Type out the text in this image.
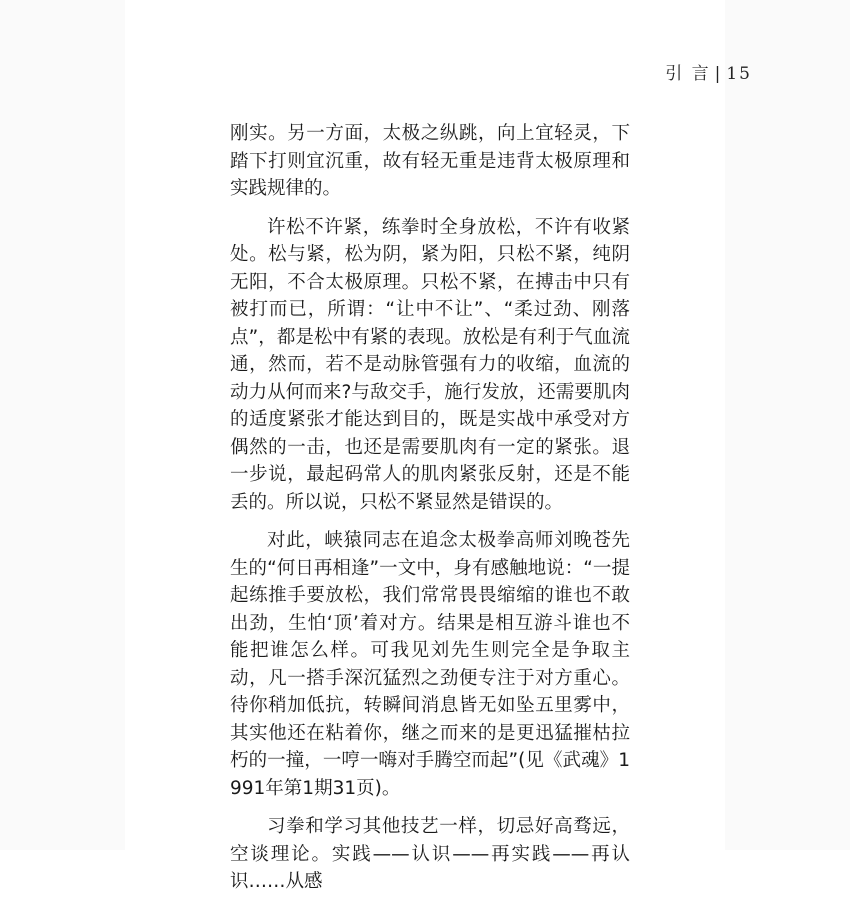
引 言 | 15

刚实。另一方面，太极之纵跳，向上宜轻灵，下踏下打则宜沉重，故有轻无重是违背太极原理和实践规律的。

许松不许紧，练拳时全身放松，不许有收紧处。松与紧，松为阴，紧为阳，只松不紧，纯阴无阳，不合太极原理。只松不紧，在搏击中只有被打而已，所谓：“让中不让”、“柔过劲、刚落点”，都是松中有紧的表现。放松是有利于气血流通，然而，若不是动脉管强有力的收缩，血流的动力从何而来?与敌交手，施行发放，还需要肌肉的适度紧张才能达到目的，既是实战中承受对方偶然的一击，也还是需要肌肉有一定的紧张。退一步说，最起码常人的肌肉紧张反射，还是不能丢的。所以说，只松不紧显然是错误的。

对此，峡猿同志在追念太极拳高师刘晚苍先生的“何日再相逢”一文中，身有感触地说：“一提起练推手要放松，我们常常畏畏缩缩的谁也不敢出劲，生怕‘顶’着对方。结果是相互游斗谁也不能把谁怎么样。可我见刘先生则完全是争取主动，凡一搭手深沉猛烈之劲便专注于对方重心。待你稍加低抗，转瞬间消息皆无如坠五里雾中，其实他还在粘着你，继之而来的是更迅猛摧枯拉朽的一撞，一哼一嗨对手腾空而起”(见《武魂》1991年第1期31页)。

习拳和学习其他技艺一样，切忌好高骛远，空谈理论。实践——认识——再实践——再认识……从感
